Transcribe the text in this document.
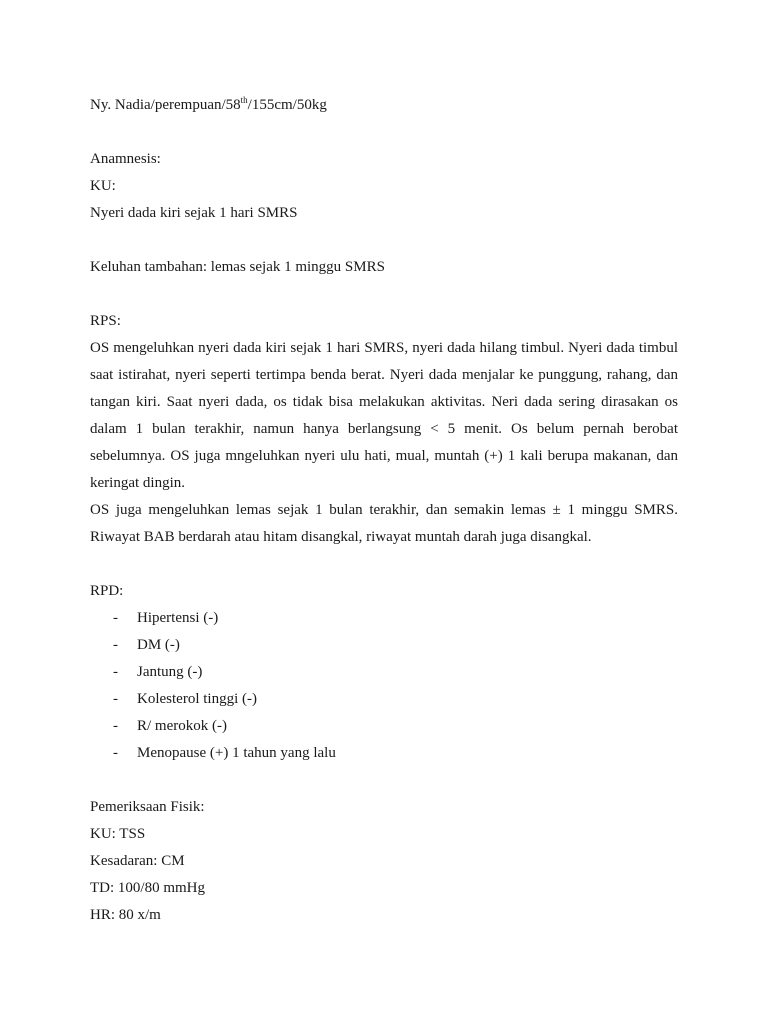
Ny. Nadia/perempuan/58th/155cm/50kg
Anamnesis:
KU:
Nyeri dada kiri sejak 1 hari SMRS
Keluhan tambahan: lemas sejak 1 minggu SMRS
RPS:
OS mengeluhkan nyeri dada kiri sejak 1 hari SMRS, nyeri dada hilang timbul. Nyeri dada timbul
saat istirahat, nyeri seperti tertimpa benda berat. Nyeri dada menjalar ke punggung, rahang, dan
tangan kiri. Saat nyeri dada, os tidak bisa melakukan aktivitas. Neri dada sering dirasakan os
dalam 1 bulan terakhir, namun hanya berlangsung < 5 menit. Os belum pernah berobat
sebelumnya. OS juga mngeluhkan nyeri ulu hati, mual, muntah (+) 1 kali berupa makanan, dan
keringat dingin.
OS juga mengeluhkan lemas sejak 1 bulan terakhir, dan semakin lemas ± 1 minggu SMRS.
Riwayat BAB berdarah atau hitam disangkal, riwayat muntah darah juga disangkal.
RPD:
- Hipertensi (-)
- DM (-)
- Jantung (-)
- Kolesterol tinggi (-)
- R/ merokok (-)
- Menopause (+) 1 tahun yang lalu
Pemeriksaan Fisik:
KU: TSS
Kesadaran: CM
TD: 100/80 mmHg
HR: 80 x/m
